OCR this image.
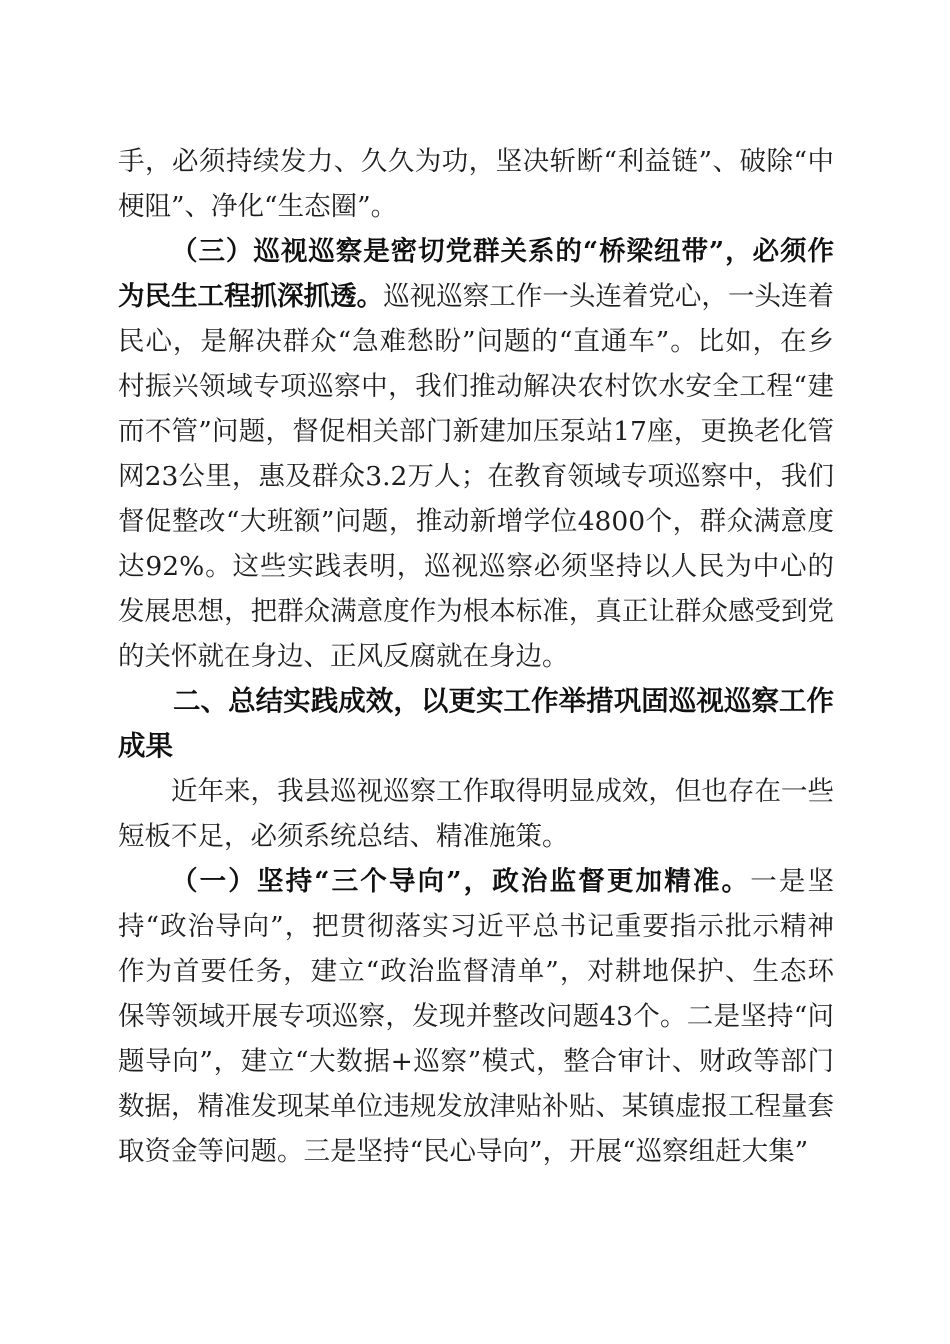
手，必须持续发力、久久为功，坚决斩断“利益链”、破除“中梗阻”、净化“生态圈”。

（三）巡视巡察是密切党群关系的“桥梁纽带”，必须作为民生工程抓深抓透。巡视巡察工作一头连着党心，一头连着民心，是解决群众“急难愁盼”问题的“直通车”。比如，在乡村振兴领域专项巡察中，我们推动解决农村饮水安全工程“建而不管”问题，督促相关部门新建加压泵站17座，更换老化管网23公里，惠及群众3.2万人；在教育领域专项巡察中，我们督促整改“大班额”问题，推动新增学位4800个，群众满意度达92%。这些实践表明，巡视巡察必须坚持以人民为中心的发展思想，把群众满意度作为根本标准，真正让群众感受到党的关怀就在身边、正风反腐就在身边。

二、总结实践成效，以更实工作举措巩固巡视巡察工作成果

近年来，我县巡视巡察工作取得明显成效，但也存在一些短板不足，必须系统总结、精准施策。

（一）坚持“三个导向”，政治监督更加精准。一是坚持“政治导向”，把贯彻落实习近平总书记重要指示批示精神作为首要任务，建立“政治监督清单”，对耕地保护、生态环保等领域开展专项巡察，发现并整改问题43个。二是坚持“问题导向”，建立“大数据+巡察”模式，整合审计、财政等部门数据，精准发现某单位违规发放津贴补贴、某镇虚报工程量套取资金等问题。三是坚持“民心导向”，开展“巡察组赶大集”
